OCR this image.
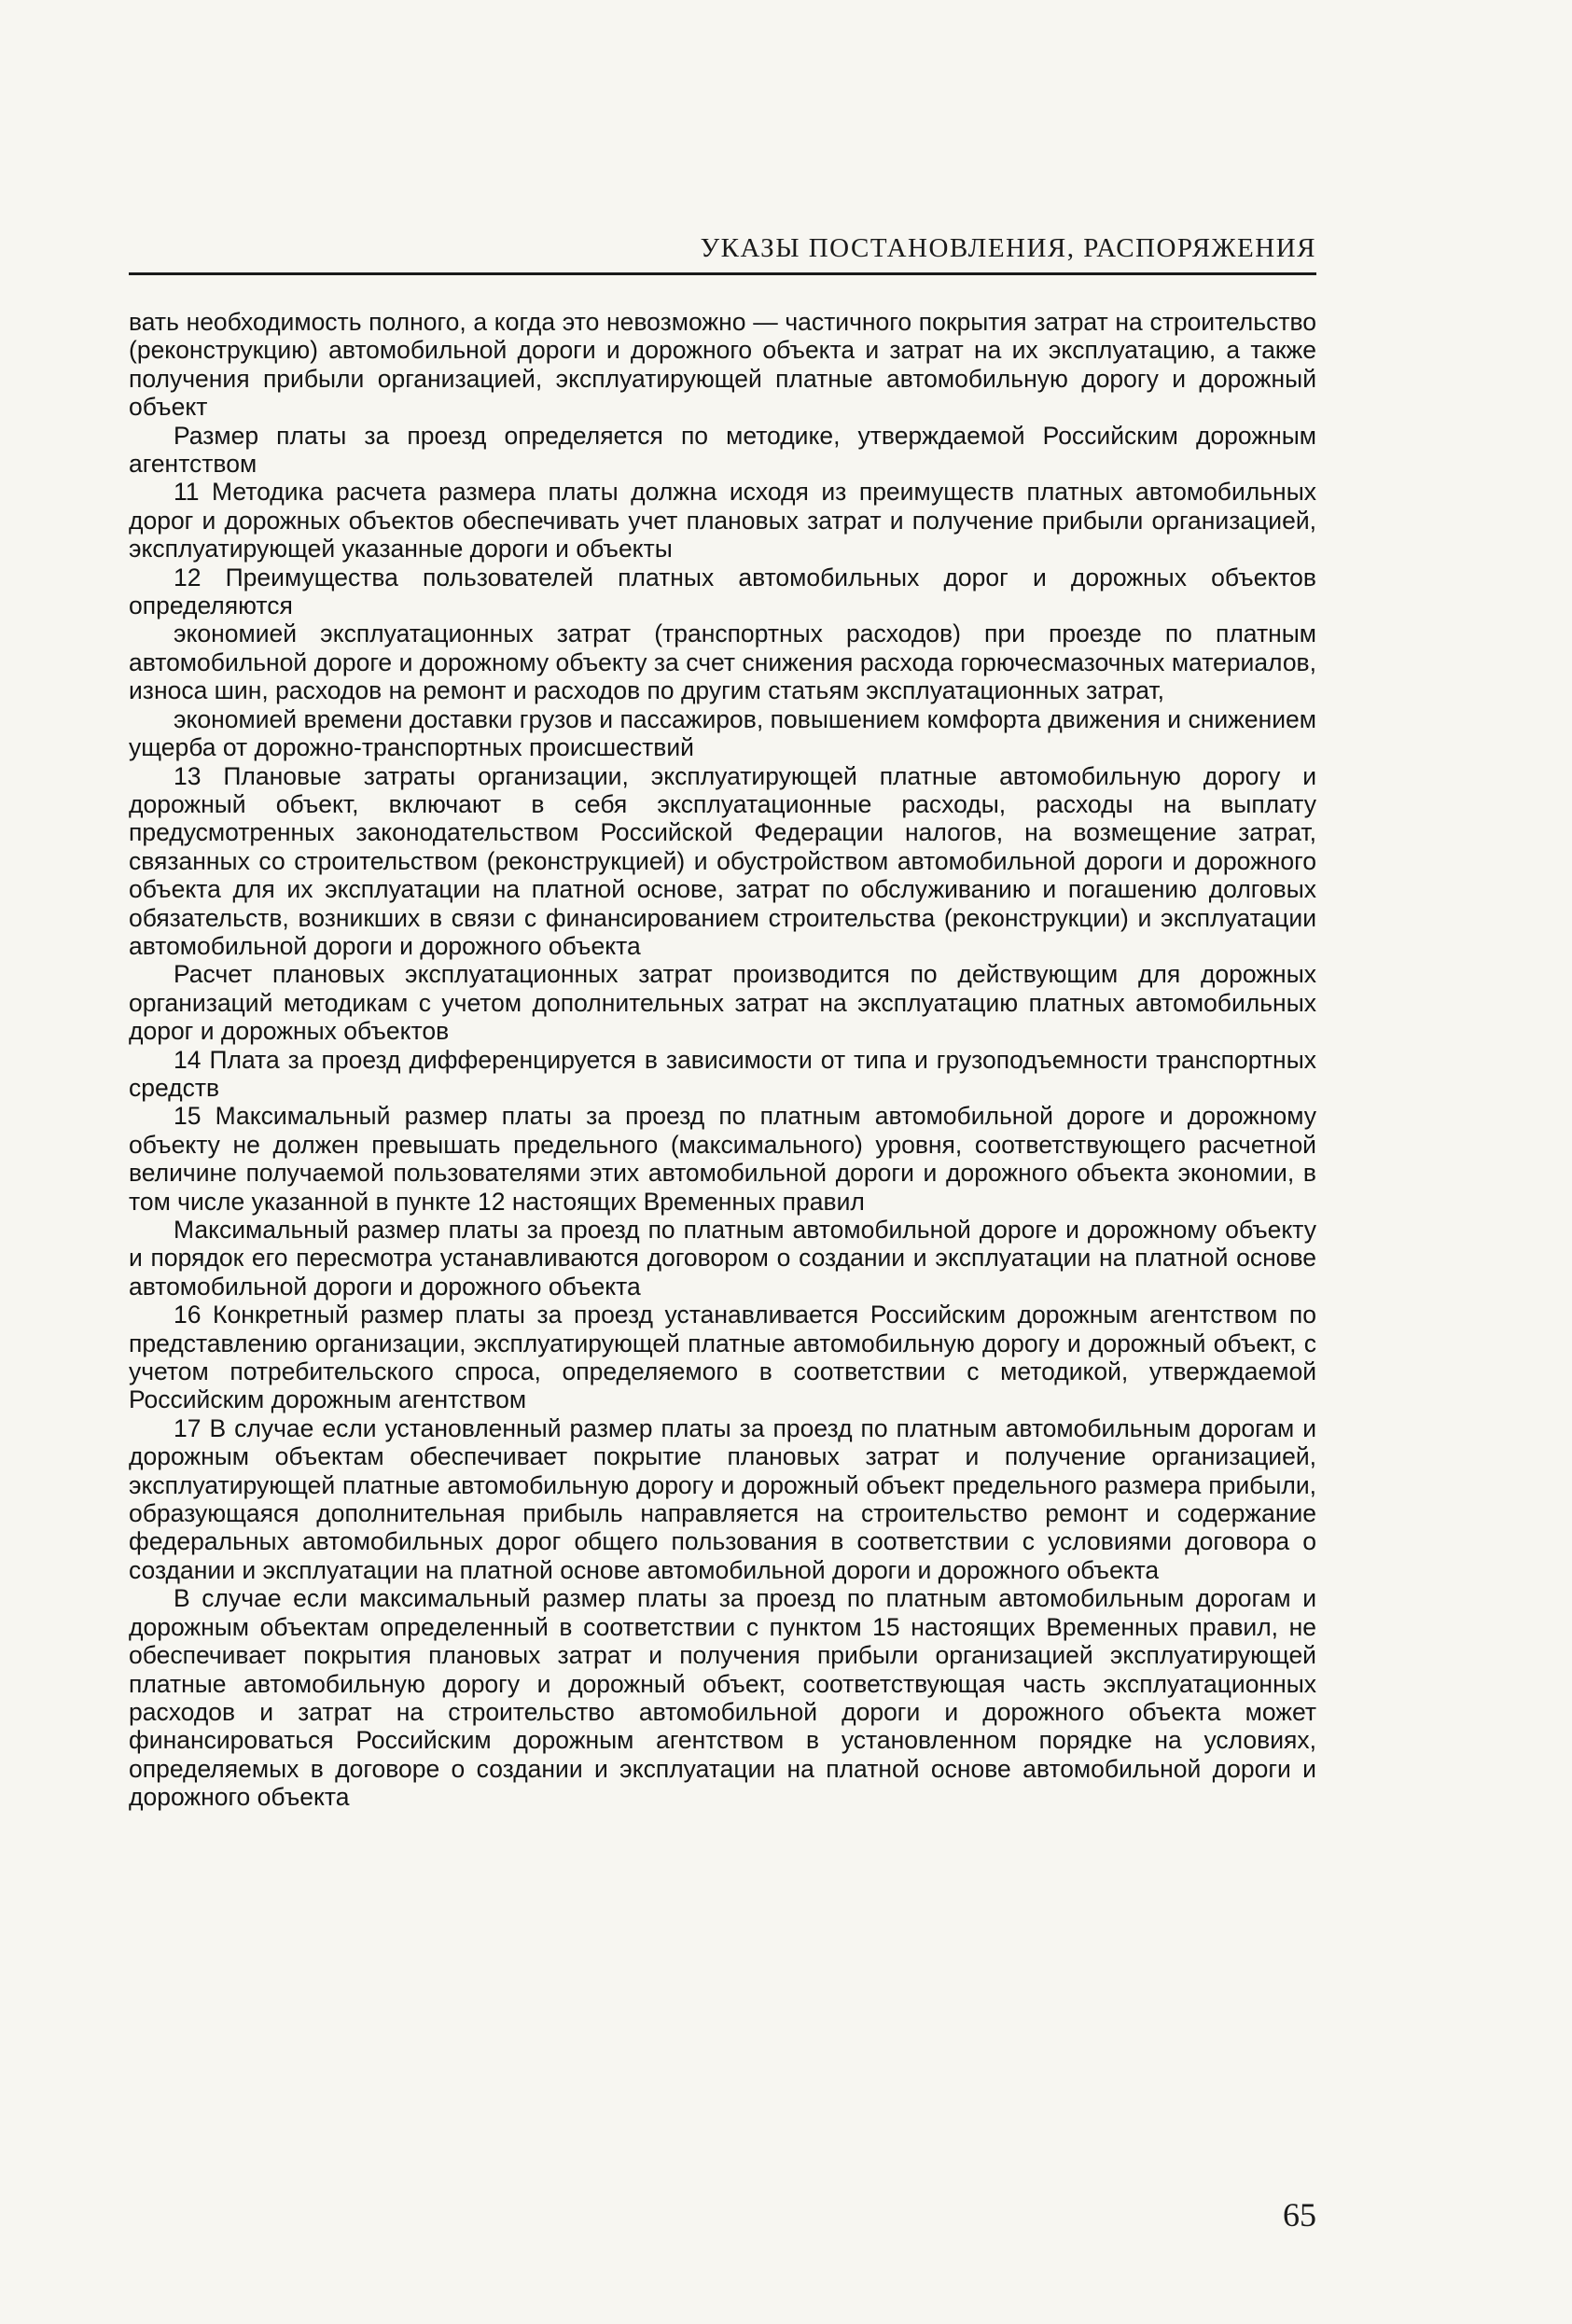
УКАЗЫ ПОСТАНОВЛЕНИЯ, РАСПОРЯЖЕНИЯ

вать необходимость полного, а когда это невозможно — частичного покрытия затрат на строительство (реконструкцию) автомобильной дороги и дорожного объекта и затрат на их эксплуатацию, а также получения прибыли организацией, эксплуатирующей платные автомобильную дорогу и дорожный объект

Размер платы за проезд определяется по методике, утверждаемой Российским дорожным агентством

11 Методика расчета размера платы должна исходя из преимуществ платных автомобильных дорог и дорожных объектов обеспечивать учет плановых затрат и получение прибыли организацией, эксплуатирующей указанные дороги и объекты

12 Преимущества пользователей платных автомобильных дорог и дорожных объектов определяются

экономией эксплуатационных затрат (транспортных расходов) при проезде по платным автомобильной дороге и дорожному объекту за счет снижения расхода горючесмазочных материалов, износа шин, расходов на ремонт и расходов по другим статьям эксплуатационных затрат,

экономией времени доставки грузов и пассажиров, повышением комфорта движения и снижением ущерба от дорожно-транспортных происшествий

13 Плановые затраты организации, эксплуатирующей платные автомобильную дорогу и дорожный объект, включают в себя эксплуатационные расходы, расходы на выплату предусмотренных законодательством Российской Федерации налогов, на возмещение затрат, связанных со строительством (реконструкцией) и обустройством автомобильной дороги и дорожного объекта для их эксплуатации на платной основе, затрат по обслуживанию и погашению долговых обязательств, возникших в связи с финансированием строительства (реконструкции) и эксплуатации автомобильной дороги и дорожного объекта

Расчет плановых эксплуатационных затрат производится по действующим для дорожных организаций методикам с учетом дополнительных затрат на эксплуатацию платных автомобильных дорог и дорожных объектов

14 Плата за проезд дифференцируется в зависимости от типа и грузоподъемности транспортных средств

15 Максимальный размер платы за проезд по платным автомобильной дороге и дорожному объекту не должен превышать предельного (максимального) уровня, соответствующего расчетной величине получаемой пользователями этих автомобильной дороги и дорожного объекта экономии, в том числе указанной в пункте 12 настоящих Временных правил

Максимальный размер платы за проезд по платным автомобильной дороге и дорожному объекту и порядок его пересмотра устанавливаются договором о создании и эксплуатации на платной основе автомобильной дороги и дорожного объекта

16 Конкретный размер платы за проезд устанавливается Российским дорожным агентством по представлению организации, эксплуатирующей платные автомобильную дорогу и дорожный объект, с учетом потребительского спроса, определяемого в соответствии с методикой, утверждаемой Российским дорожным агентством

17 В случае если установленный размер платы за проезд по платным автомобильным дорогам и дорожным объектам обеспечивает покрытие плановых затрат и получение организацией, эксплуатирующей платные автомобильную дорогу и дорожный объект предельного размера прибыли, образующаяся дополнительная прибыль направляется на строительство ремонт и содержание федеральных автомобильных дорог общего пользования в соответствии с условиями договора о создании и эксплуатации на платной основе автомобильной дороги и дорожного объекта

В случае если максимальный размер платы за проезд по платным автомобильным дорогам и дорожным объектам определенный в соответствии с пунктом 15 настоящих Временных правил, не обеспечивает покрытия плановых затрат и получения прибыли организацией эксплуатирующей платные автомобильную дорогу и дорожный объект, соответствующая часть эксплуатационных расходов и затрат на строительство автомобильной дороги и дорожного объекта может финансироваться Российским дорожным агентством в установленном порядке на условиях, определяемых в договоре о создании и эксплуатации на платной основе автомобильной дороги и дорожного объекта

65
